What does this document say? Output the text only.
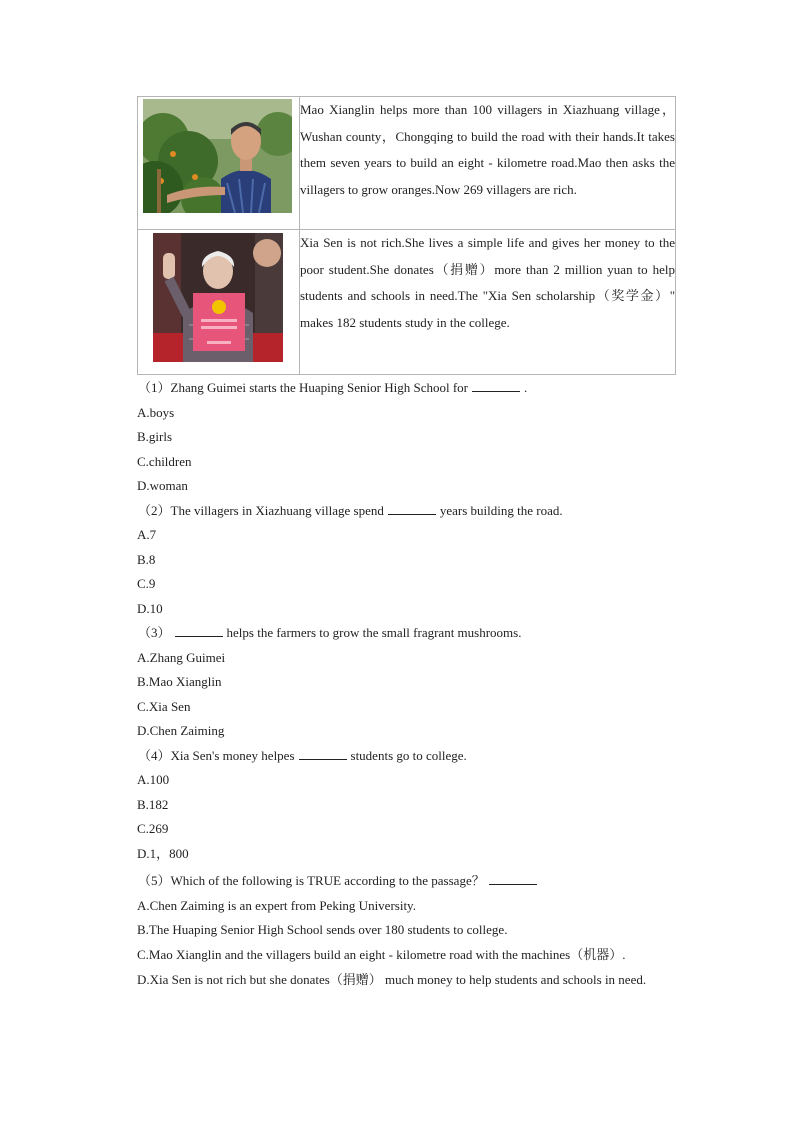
	Mao Xianglin helps more than 100 villagers in Xiazhuang village，Wushan county，Chongqing to build the road with their hands.It takes them seven years to build an eight - kilometre road.Mao then asks the villagers to grow oranges.Now 269 villagers are rich.

	Xia Sen is not rich.She lives a simple life and gives her money to the poor student.She donates（捐赠）more than 2 million yuan to help students and schools in need.The "Xia Sen scholarship（奖学金）" makes 182 students study in the college.

（1）Zhang Guimei starts the Huaping Senior High School for	.

A.boys

B.girls

C.children

D.woman

（2）The villagers in Xiazhuang village spend	years building the road.

A.7

B.8

C.9

D.10

（3）	helps the farmers to grow the small fragrant mushrooms.

A.Zhang Guimei

B.Mao Xianglin

C.Xia Sen

D.Chen Zaiming

（4）Xia Sen's money helpes	students go to college.

A.100

B.182

C.269

D.1，800

（5）Which of the following is TRUE according to the passage？

A.Chen Zaiming is an expert from Peking University.

B.The Huaping Senior High School sends over 180 students to college.

C.Mao Xianglin and the villagers build an eight - kilometre road with the machines（机器）.

D.Xia Sen is not rich but she donates（捐赠） much money to help students and schools in need.
